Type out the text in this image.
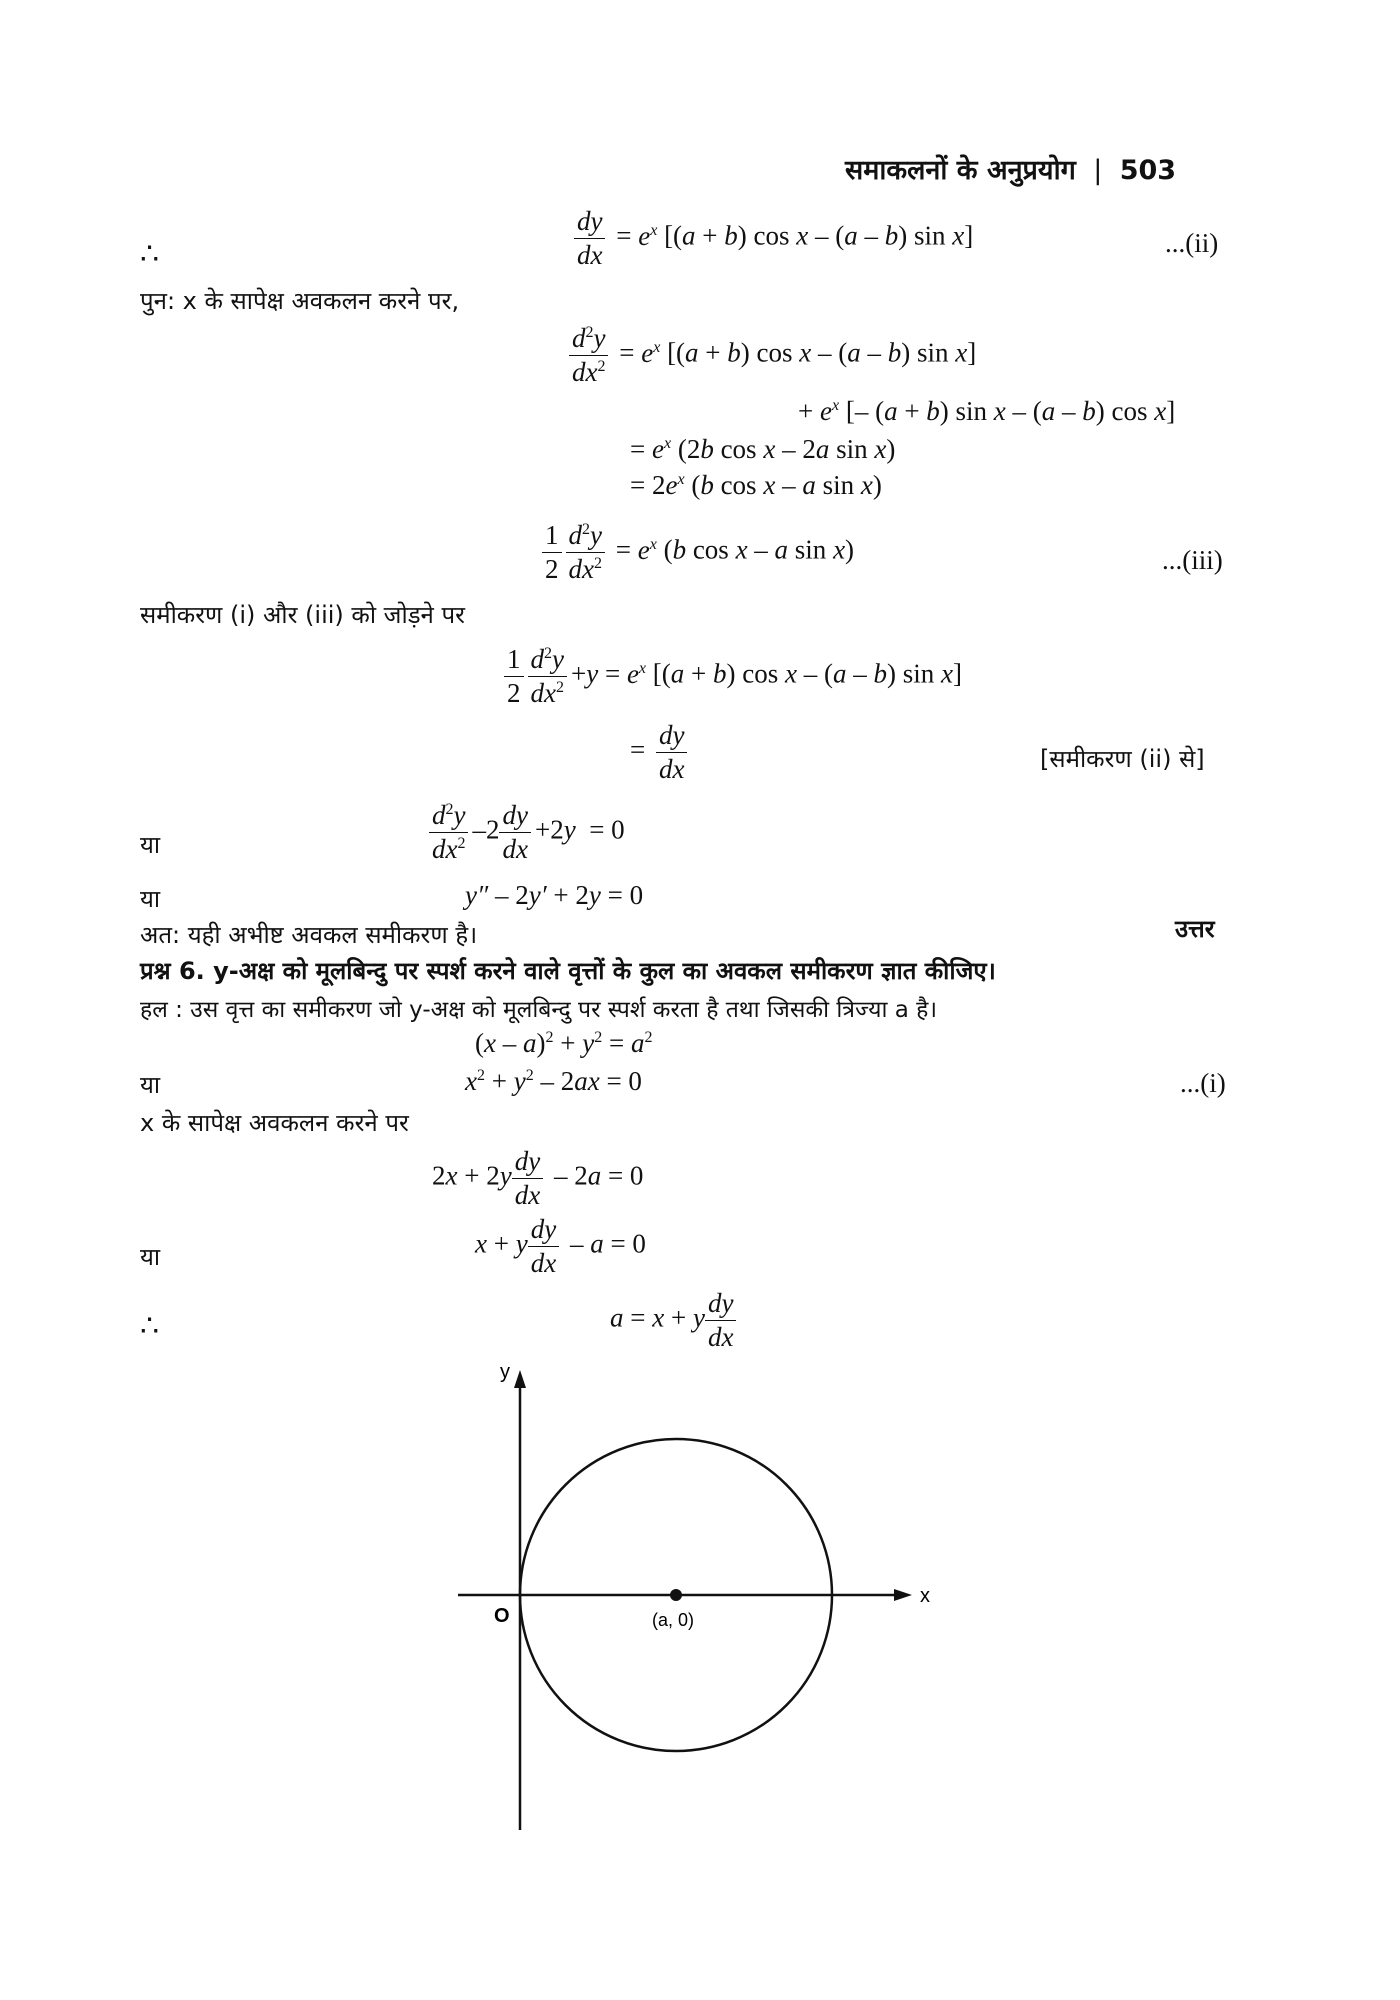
समाकलनों के अनुप्रयोग | 503
∴	$\frac{dy}{dx} = e^x$ [(a + b) cos x – (a – b) sin x]	...(ii)
पुन: x के सापेक्ष अवकलन करने पर,
$\frac{d^2y}{dx^2} = e^x$ [(a + b) cos x – (a – b) sin x]
+ $e^x$ [– (a + b) sin x – (a – b) cos x]
= $e^x$ (2b cos x – 2a sin x)
= $2e^x$ (b cos x – a sin x)
$\frac{1}{2} \frac{d^2y}{dx^2} = e^x$ (b cos x – a sin x)	...(iii)
समीकरण (i) और (iii) को जोड़ने पर
$\frac{1}{2} \frac{d^2y}{dx^2} +y = e^x$ [(a + b) cos x – (a – b) sin x]
= $\frac{dy}{dx}$	[समीकरण (ii) से]
या	$\frac{d^2y}{dx^2} -2 \frac{dy}{dx} +2y = 0$
या	y″ – 2y′ + 2y = 0
अत: यही अभीष्ट अवकल समीकरण है।	उत्तर
प्रश्न 6. y-अक्ष को मूलबिन्दु पर स्पर्श करने वाले वृत्तों के कुल का अवकल समीकरण ज्ञात कीजिए।
हल : उस वृत्त का समीकरण जो y-अक्ष को मूलबिन्दु पर स्पर्श करता है तथा जिसकी त्रिज्या a है।
$(x - a)^2 + y^2 = a^2$
या	$x^2 + y^2 - 2ax = 0$	...(i)
x के सापेक्ष अवकलन करने पर
$2x + 2y \frac{dy}{dx} - 2a = 0$
या	x + y $\frac{dy}{dx} - a = 0$
∴	a = x + y $\frac{dy}{dx}$
y
x
O	(a, 0)
